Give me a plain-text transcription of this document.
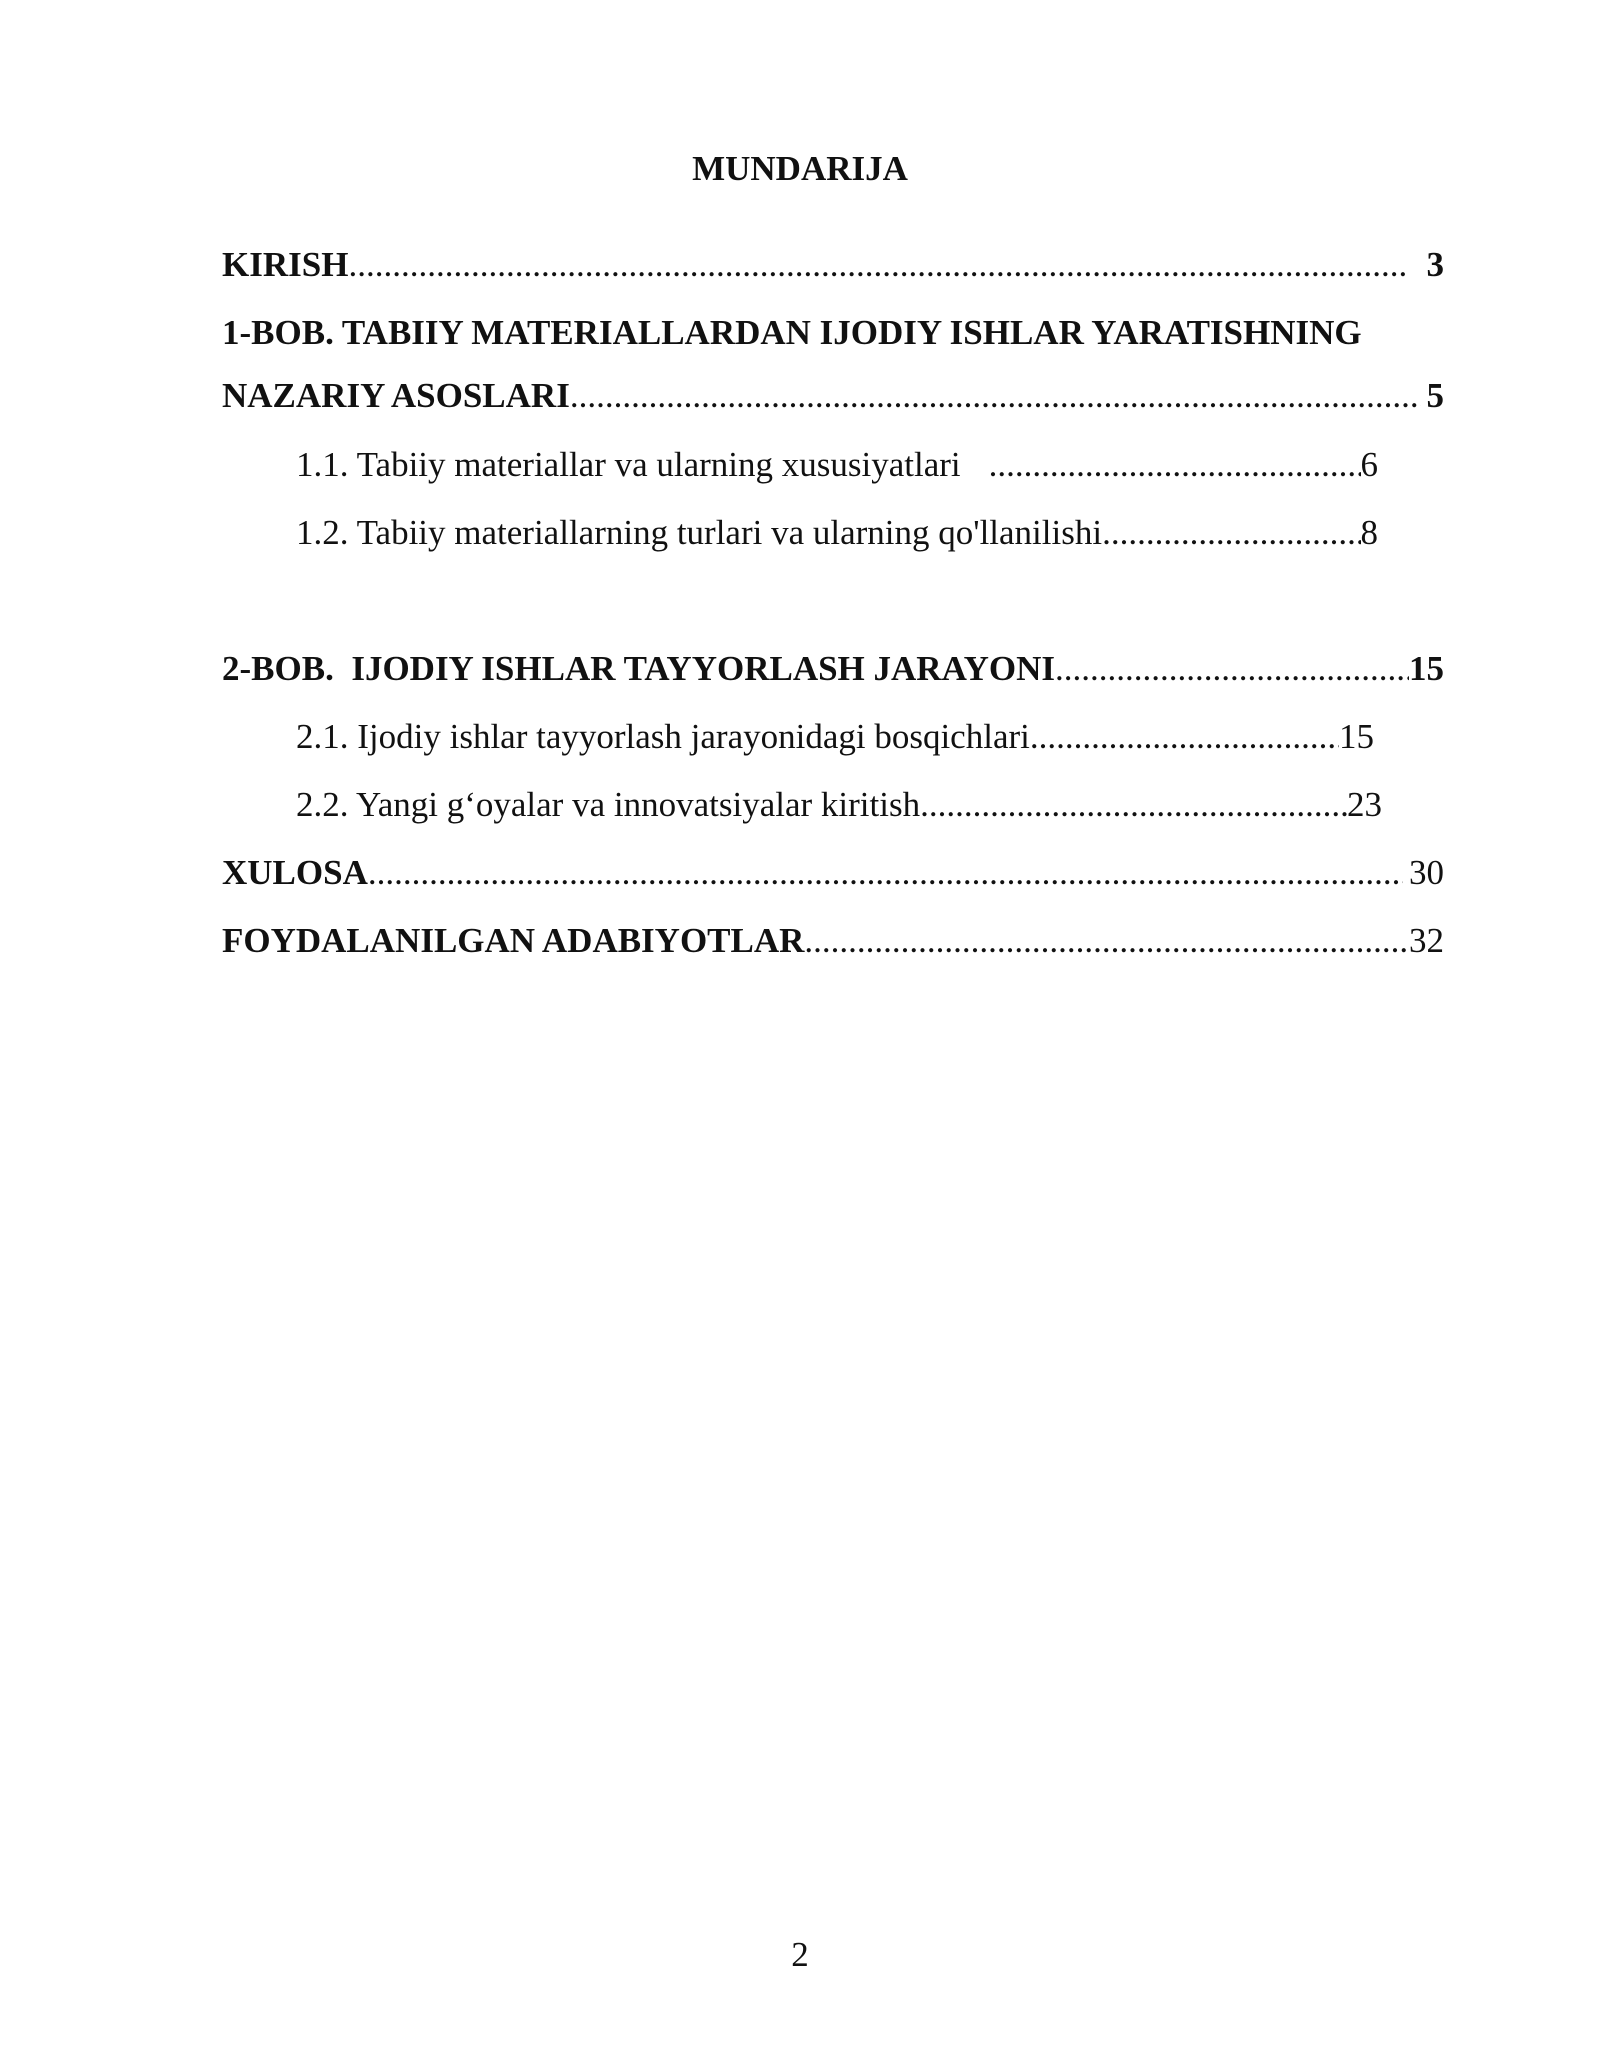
MUNDARIJA
KIRISH .....	3
1-BOB. TABIIY MATERIALLARDAN IJODIY ISHLAR YARATISHNING
NAZARIY ASOSLARI .....	5
1.1. Tabiiy materiallar va ularning xususiyatlari .....	6
1.2. Tabiiy materiallarning turlari va ularning qo'llanilishi .....	8
2-BOB.  IJODIY ISHLAR TAYYORLASH JARAYONI .....	15
2.1. Ijodiy ishlar tayyorlash jarayonidagi bosqichlari .....	15
2.2. Yangi g‘oyalar va innovatsiyalar kiritish .....	23
XULOSA .....	30
FOYDALANILGAN ADABIYOTLAR .....	32
2
